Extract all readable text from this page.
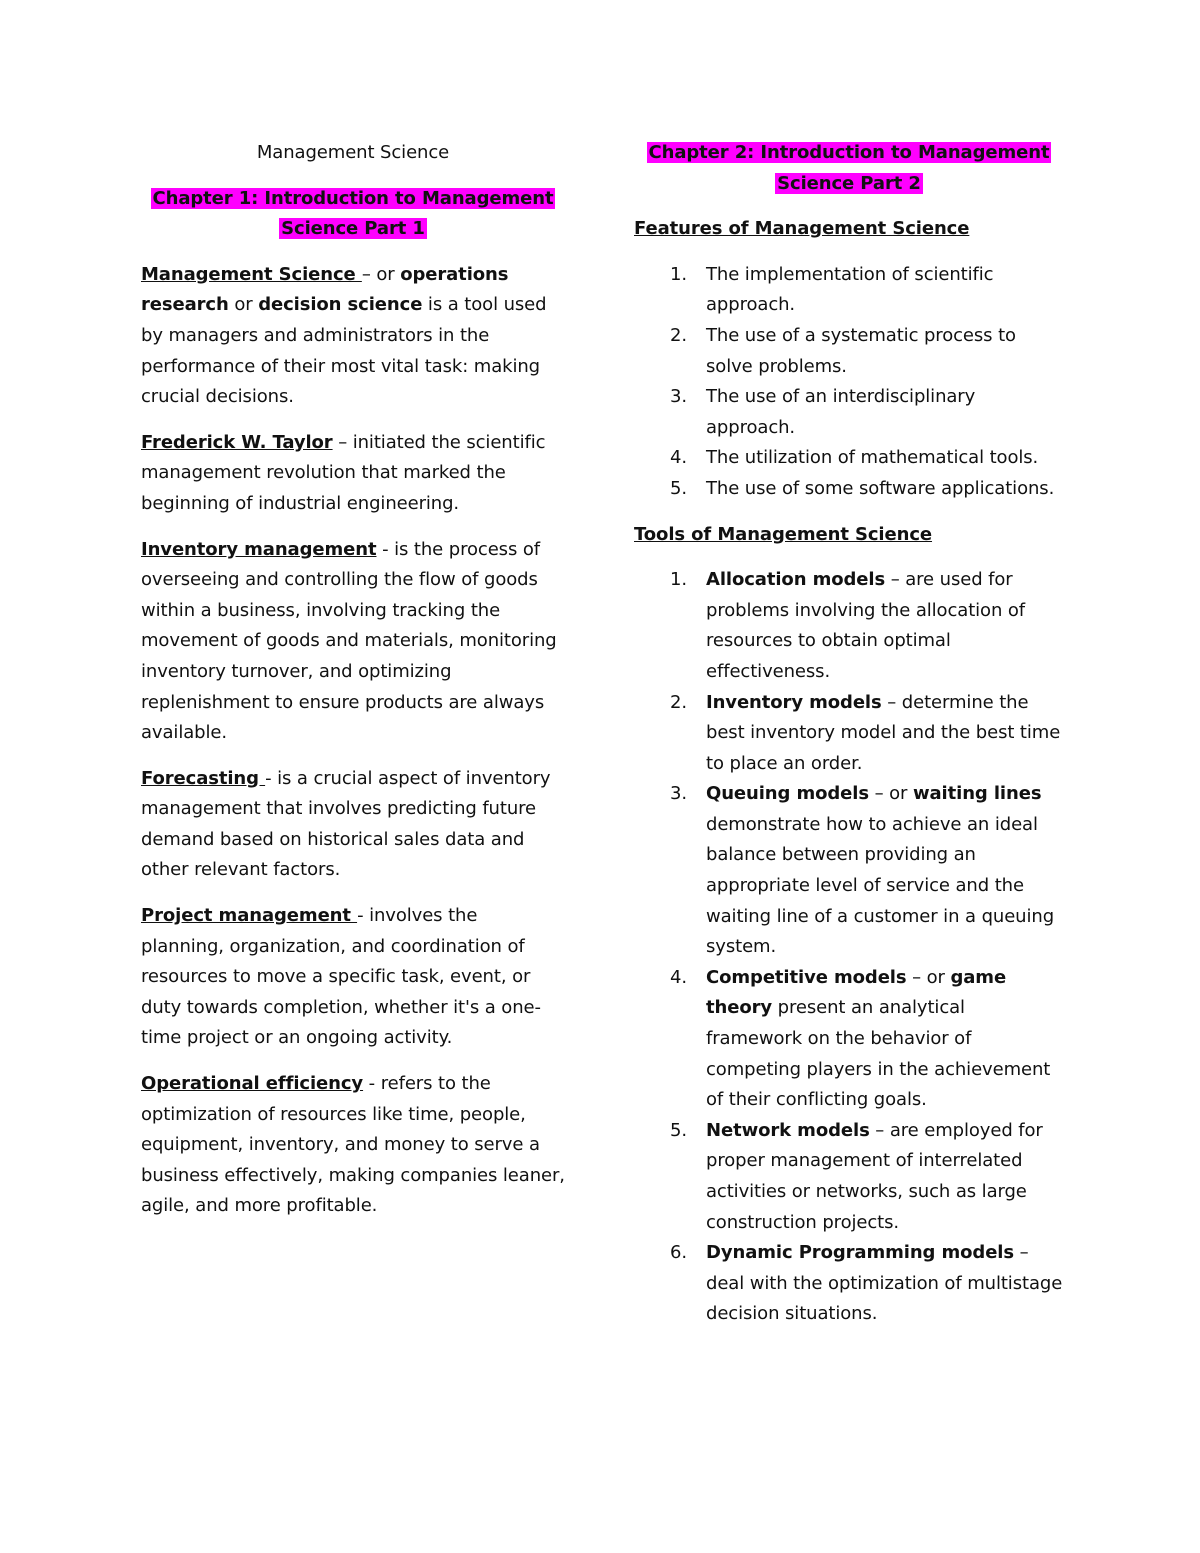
Management Science
Chapter 1: Introduction to Management Science Part 1

Management Science – or operations research or decision science is a tool used by managers and administrators in the performance of their most vital task: making crucial decisions.

Frederick W. Taylor – initiated the scientific management revolution that marked the beginning of industrial engineering.

Inventory management - is the process of overseeing and controlling the flow of goods within a business, involving tracking the movement of goods and materials, monitoring inventory turnover, and optimizing replenishment to ensure products are always available.

Forecasting - is a crucial aspect of inventory management that involves predicting future demand based on historical sales data and other relevant factors.

Project management - involves the planning, organization, and coordination of resources to move a specific task, event, or duty towards completion, whether it's a one-time project or an ongoing activity.

Operational efficiency - refers to the optimization of resources like time, people, equipment, inventory, and money to serve a business effectively, making companies leaner, agile, and more profitable.

Chapter 2: Introduction to Management Science Part 2
Features of Management Science
1. The implementation of scientific approach.
2. The use of a systematic process to solve problems.
3. The use of an interdisciplinary approach.
4. The utilization of mathematical tools.
5. The use of some software applications.
Tools of Management Science
1. Allocation models – are used for problems involving the allocation of resources to obtain optimal effectiveness.
2. Inventory models – determine the best inventory model and the best time to place an order.
3. Queuing models – or waiting lines demonstrate how to achieve an ideal balance between providing an appropriate level of service and the waiting line of a customer in a queuing system.
4. Competitive models – or game theory present an analytical framework on the behavior of competing players in the achievement of their conflicting goals.
5. Network models – are employed for proper management of interrelated activities or networks, such as large construction projects.
6. Dynamic Programming models – deal with the optimization of multistage decision situations.
